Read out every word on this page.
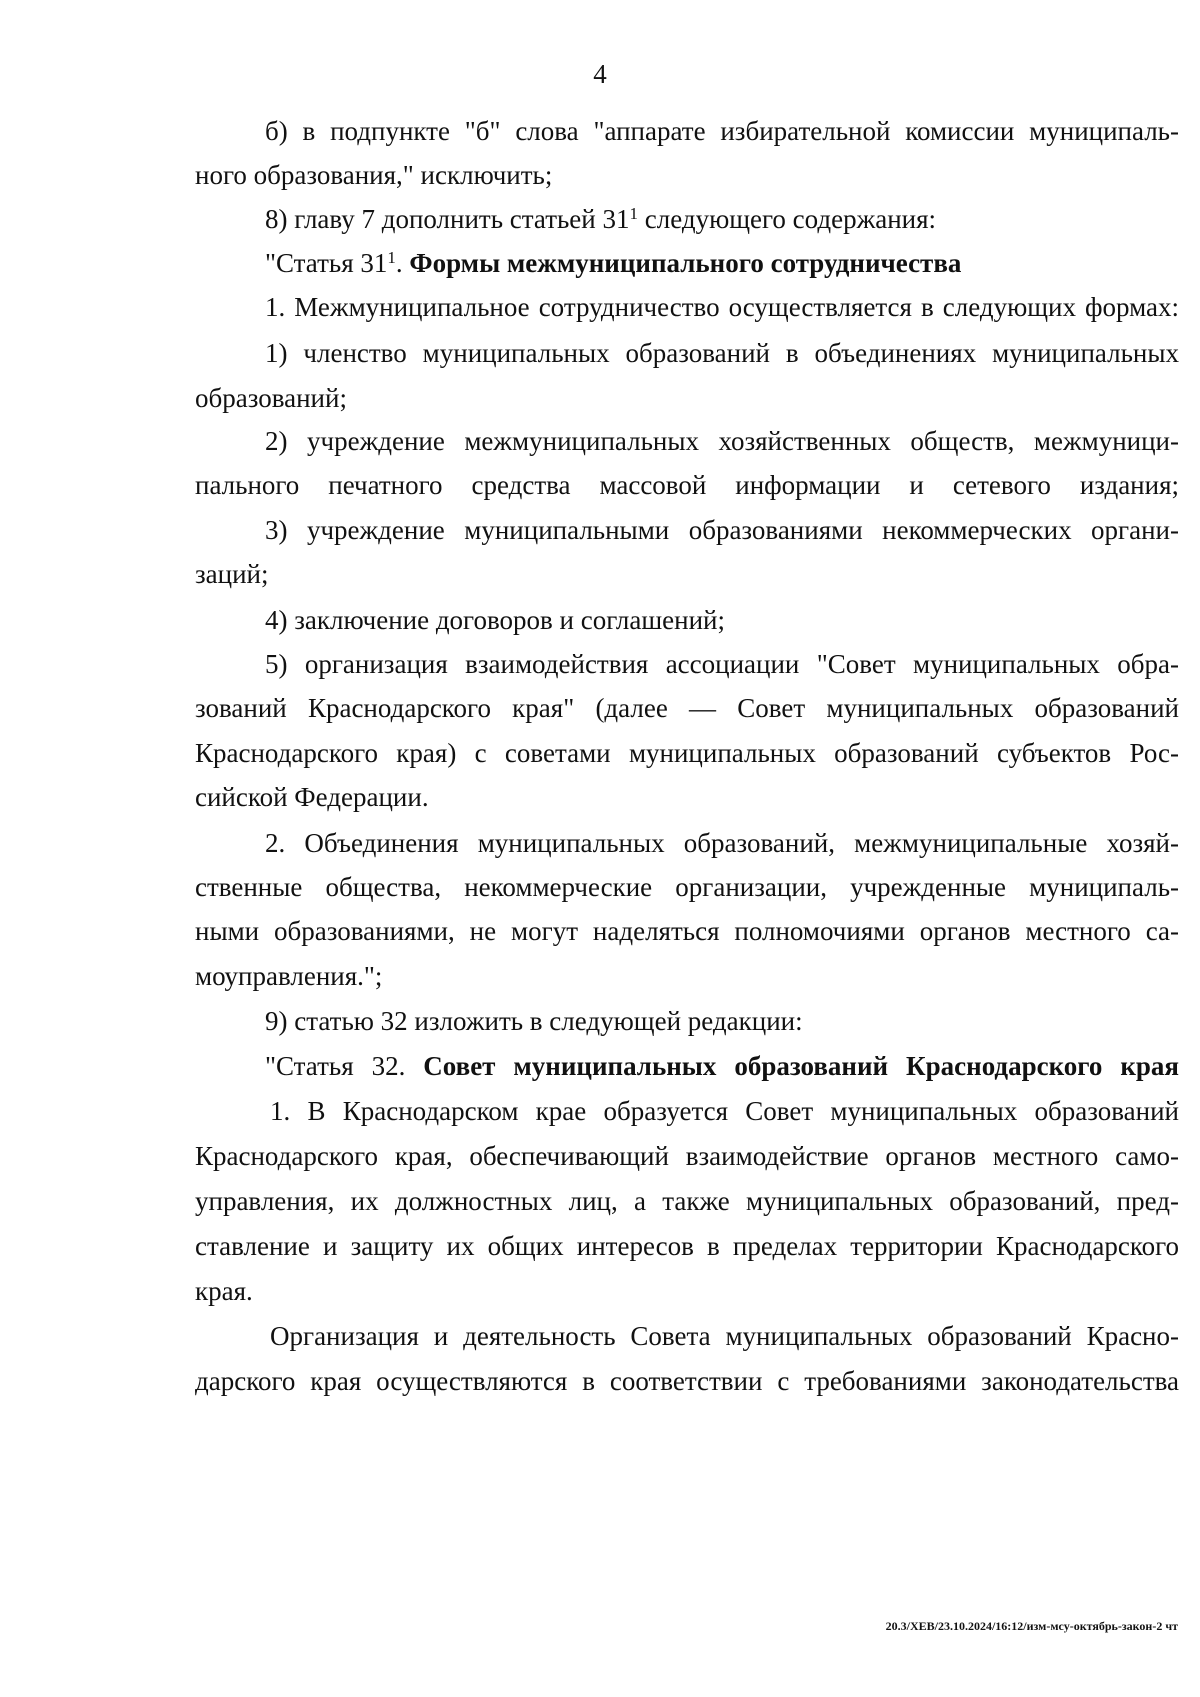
4
б) в подпункте "б" слова "аппарате избирательной комиссии муниципаль-
ного образования," исключить;
8) главу 7 дополнить статьей $31^1$ следующего содержания:
"Статья $31^1$. Формы межмуниципального сотрудничества
1. Межмуниципальное сотрудничество осуществляется в следующих формах:
1) членство муниципальных образований в объединениях муниципальных
образований;
2) учреждение межмуниципальных хозяйственных обществ, межмуници-
пального печатного средства массовой информации и сетевого издания;
3) учреждение муниципальными образованиями некоммерческих органи-
заций;
4) заключение договоров и соглашений;
5) организация взаимодействия ассоциации "Совет муниципальных обра-
зований Краснодарского края" (далее — Совет муниципальных образований
Краснодарского края) с советами муниципальных образований субъектов Рос-
сийской Федерации.
2. Объединения муниципальных образований, межмуниципальные хозяй-
ственные общества, некоммерческие организации, учрежденные муниципаль-
ными образованиями, не могут наделяться полномочиями органов местного са-
моуправления.";
9) статью 32 изложить в следующей редакции:
"Статья 32. Совет муниципальных образований Краснодарского края
1. В Краснодарском крае образуется Совет муниципальных образований
Краснодарского края, обеспечивающий взаимодействие органов местного само-
управления, их должностных лиц, а также муниципальных образований, пред-
ставление и защиту их общих интересов в пределах территории Краснодарского
края.
Организация и деятельность Совета муниципальных образований Красно-
дарского края осуществляются в соответствии с требованиями законодательства
20.3/ХЕВ/23.10.2024/16:12/изм-мсу-октябрь-закон-2 чт
